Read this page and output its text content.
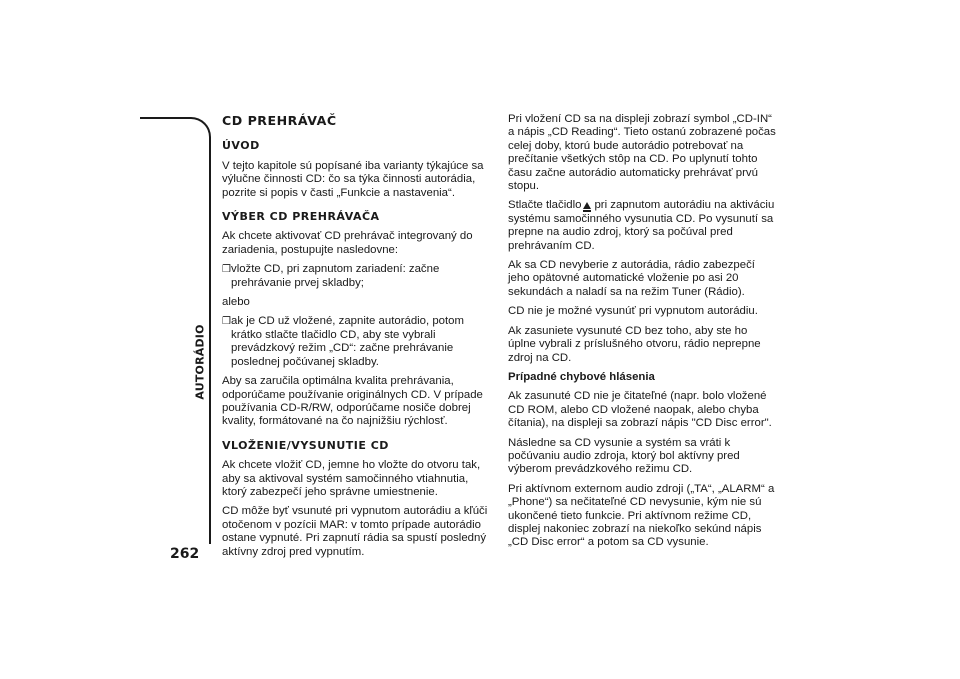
AUTORÁDIO
262
CD PREHRÁVAČ
ÚVOD

V tejto kapitole sú popísané iba varianty týkajúce sa výlučne činnosti CD: čo sa týka činnosti autorádia, pozrite si popis v časti „Funkcie a nastavenia“.

VÝBER CD PREHRÁVAČA

Ak chcete aktivovať CD prehrávač integrovaný do zariadenia, postupujte nasledovne:

❒ vložte CD, pri zapnutom zariadení: začne prehrávanie prvej skladby;

alebo

❒ ak je CD už vložené, zapnite autorádio, potom krátko stlačte tlačidlo CD, aby ste vybrali prevádzkový režim „CD“: začne prehrávanie poslednej počúvanej skladby.

Aby sa zaručila optimálna kvalita prehrávania, odporúčame používanie originálnych CD. V prípade používania CD-R/RW, odporúčame nosiče dobrej kvality, formátované na čo najnižšiu rýchlosť.

VLOŽENIE/VYSUNUTIE CD

Ak chcete vložiť CD, jemne ho vložte do otvoru tak, aby sa aktivoval systém samočinného vtiahnutia, ktorý zabezpečí jeho správne umiestnenie.

CD môže byť vsunuté pri vypnutom autorádiu a kľúči otočenom v pozícii MAR: v tomto prípade autorádio ostane vypnuté. Pri zapnutí rádia sa spustí posledný aktívny zdroj pred vypnutím.

Pri vložení CD sa na displeji zobrazí symbol „CD-IN“ a nápis „CD Reading“. Tieto ostanú zobrazené počas celej doby, ktorú bude autorádio potrebovať na prečítanie všetkých stôp na CD. Po uplynutí tohto času začne autorádio automaticky prehrávať prvú stopu.

Stlačte tlačidlo pri zapnutom autorádiu na aktiváciu systému samočinného vysunutia CD. Po vysunutí sa prepne na audio zdroj, ktorý sa počúval pred prehrávaním CD.

Ak sa CD nevyberie z autorádia, rádio zabezpečí jeho opätovné automatické vloženie po asi 20 sekundách a naladí sa na režim Tuner (Rádio).

CD nie je možné vysunúť pri vypnutom autorádiu.

Ak zasuniete vysunuté CD bez toho, aby ste ho úplne vybrali z príslušného otvoru, rádio neprepne zdroj na CD.

Prípadné chybové hlásenia

Ak zasunuté CD nie je čitateľné (napr. bolo vložené CD ROM, alebo CD vložené naopak, alebo chyba čítania), na displeji sa zobrazí nápis "CD Disc error".

Následne sa CD vysunie a systém sa vráti k počúvaniu audio zdroja, ktorý bol aktívny pred výberom prevádzkového režimu CD.

Pri aktívnom externom audio zdroji („TA“, „ALARM“ a „Phone“) sa nečitateľné CD nevysunie, kým nie sú ukončené tieto funkcie. Pri aktívnom režime CD, displej nakoniec zobrazí na niekoľko sekúnd nápis „CD Disc error“ a potom sa CD vysunie.
